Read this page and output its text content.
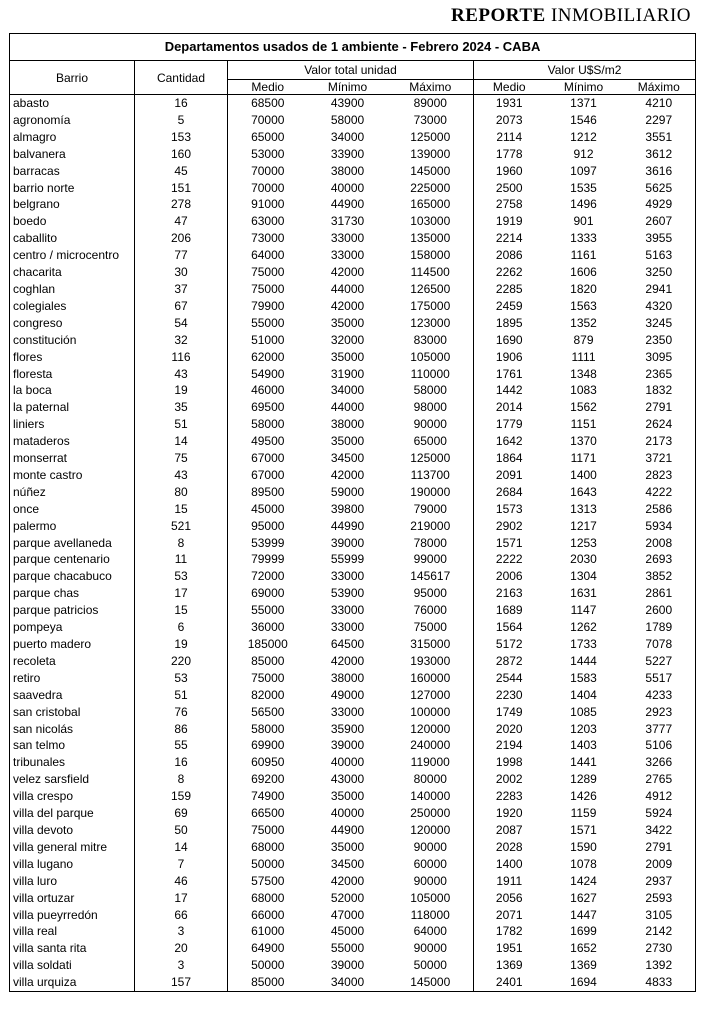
REPORTE INMOBILIARIO
Departamentos usados de 1 ambiente - Febrero 2024 - CABA							
Barrio	Cantidad	Valor total unidad			Valor U$S/m2		
		Medio	Mínimo	Máximo	Medio	Mínimo	Máximo
abasto	16	68500	43900	89000	1931	1371	4210
agronomía	5	70000	58000	73000	2073	1546	2297
almagro	153	65000	34000	125000	2114	1212	3551
balvanera	160	53000	33900	139000	1778	912	3612
barracas	45	70000	38000	145000	1960	1097	3616
barrio norte	151	70000	40000	225000	2500	1535	5625
belgrano	278	91000	44900	165000	2758	1496	4929
boedo	47	63000	31730	103000	1919	901	2607
caballito	206	73000	33000	135000	2214	1333	3955
centro / microcentro	77	64000	33000	158000	2086	1161	5163
chacarita	30	75000	42000	114500	2262	1606	3250
coghlan	37	75000	44000	126500	2285	1820	2941
colegiales	67	79900	42000	175000	2459	1563	4320
congreso	54	55000	35000	123000	1895	1352	3245
constitución	32	51000	32000	83000	1690	879	2350
flores	116	62000	35000	105000	1906	1111	3095
floresta	43	54900	31900	110000	1761	1348	2365
la boca	19	46000	34000	58000	1442	1083	1832
la paternal	35	69500	44000	98000	2014	1562	2791
liniers	51	58000	38000	90000	1779	1151	2624
mataderos	14	49500	35000	65000	1642	1370	2173
monserrat	75	67000	34500	125000	1864	1171	3721
monte castro	43	67000	42000	113700	2091	1400	2823
núñez	80	89500	59000	190000	2684	1643	4222
once	15	45000	39800	79000	1573	1313	2586
palermo	521	95000	44990	219000	2902	1217	5934
parque avellaneda	8	53999	39000	78000	1571	1253	2008
parque centenario	11	79999	55999	99000	2222	2030	2693
parque chacabuco	53	72000	33000	145617	2006	1304	3852
parque chas	17	69000	53900	95000	2163	1631	2861
parque patricios	15	55000	33000	76000	1689	1147	2600
pompeya	6	36000	33000	75000	1564	1262	1789
puerto madero	19	185000	64500	315000	5172	1733	7078
recoleta	220	85000	42000	193000	2872	1444	5227
retiro	53	75000	38000	160000	2544	1583	5517
saavedra	51	82000	49000	127000	2230	1404	4233
san cristobal	76	56500	33000	100000	1749	1085	2923
san nicolás	86	58000	35900	120000	2020	1203	3777
san telmo	55	69900	39000	240000	2194	1403	5106
tribunales	16	60950	40000	119000	1998	1441	3266
velez sarsfield	8	69200	43000	80000	2002	1289	2765
villa crespo	159	74900	35000	140000	2283	1426	4912
villa del parque	69	66500	40000	250000	1920	1159	5924
villa devoto	50	75000	44900	120000	2087	1571	3422
villa general mitre	14	68000	35000	90000	2028	1590	2791
villa lugano	7	50000	34500	60000	1400	1078	2009
villa luro	46	57500	42000	90000	1911	1424	2937
villa ortuzar	17	68000	52000	105000	2056	1627	2593
villa pueyrredón	66	66000	47000	118000	2071	1447	3105
villa real	3	61000	45000	64000	1782	1699	2142
villa santa rita	20	64900	55000	90000	1951	1652	2730
villa soldati	3	50000	39000	50000	1369	1369	1392
villa urquiza	157	85000	34000	145000	2401	1694	4833
